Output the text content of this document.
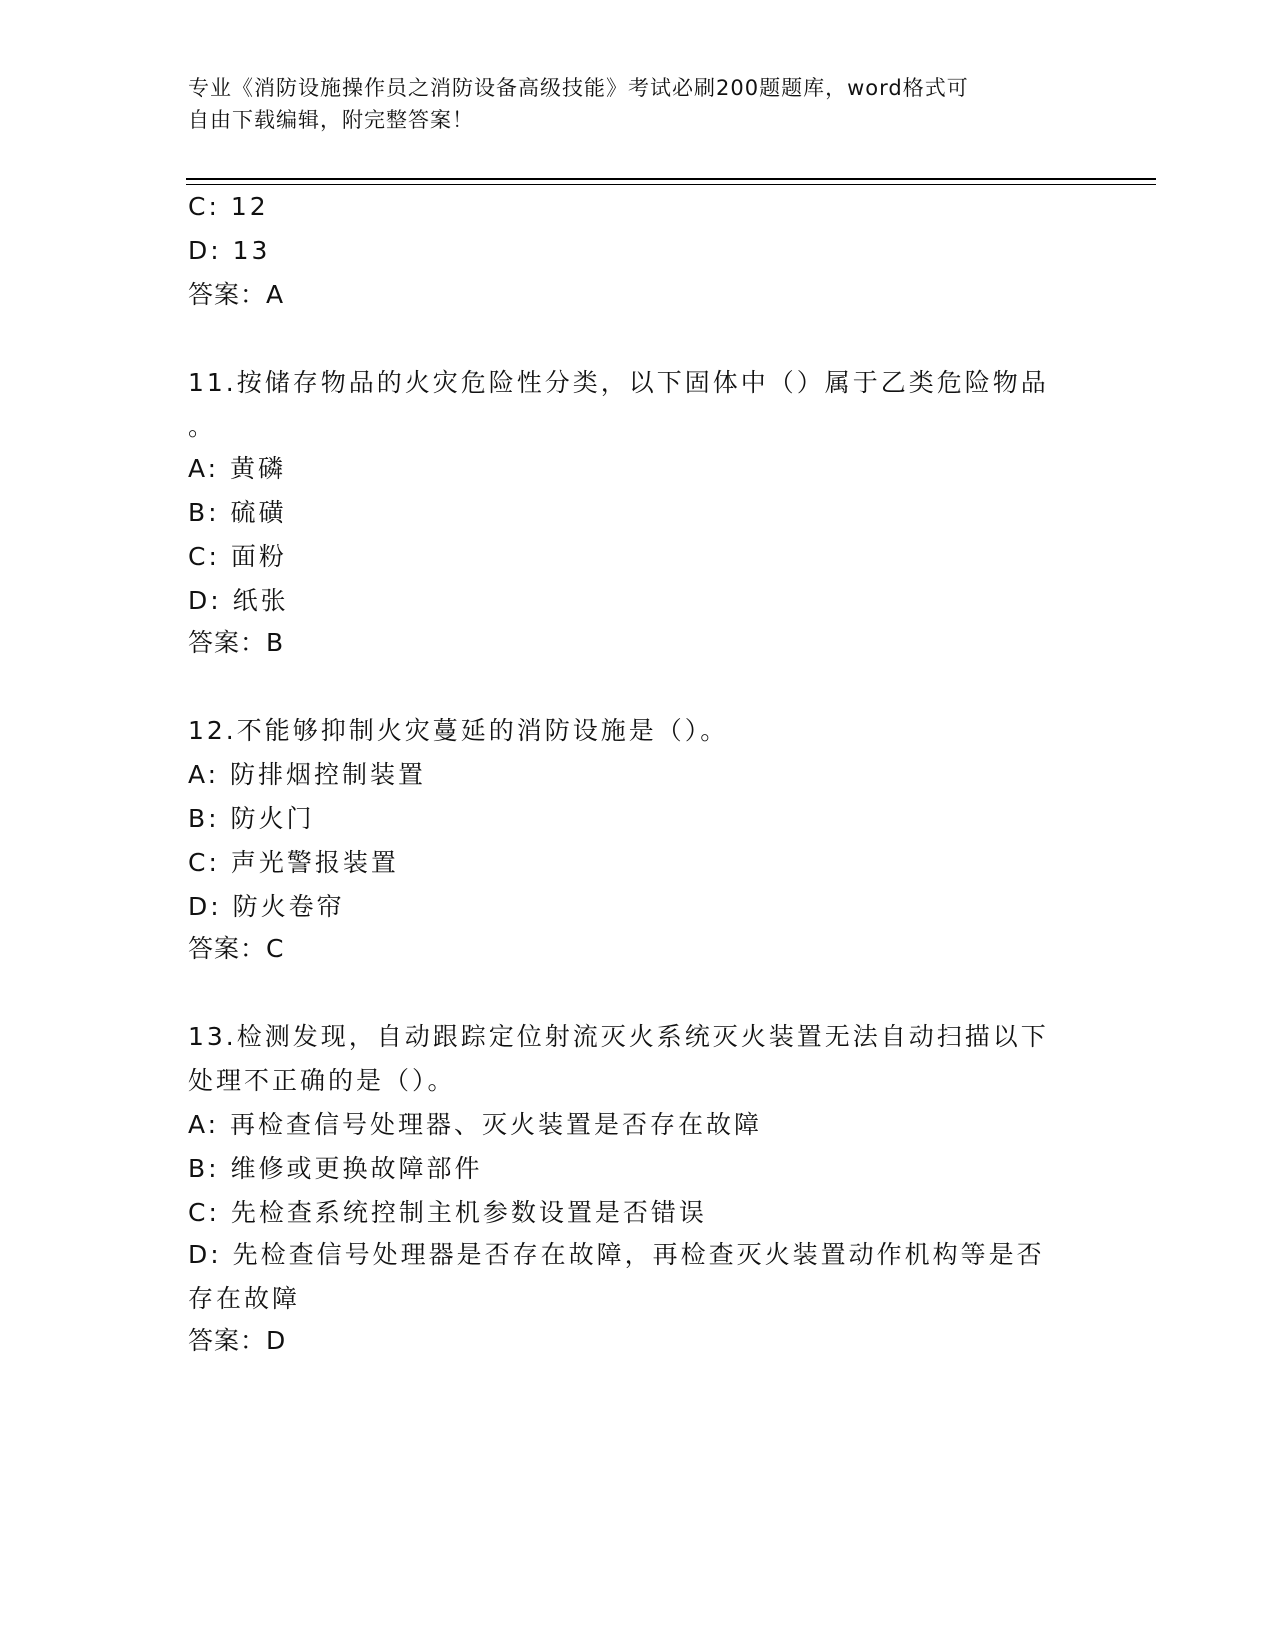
专业《消防设施操作员之消防设备高级技能》考试必刷200题题库，word格式可
自由下载编辑，附完整答案！
C: 12
D: 13
答案：A
11.按储存物品的火灾危险性分类，以下固体中（）属于乙类危险物品
。
A: 黄磷
B: 硫磺
C: 面粉
D: 纸张
答案：B
12.不能够抑制火灾蔓延的消防设施是（）。
A: 防排烟控制装置
B: 防火门
C: 声光警报装置
D: 防火卷帘
答案：C
13.检测发现，自动跟踪定位射流灭火系统灭火装置无法自动扫描以下
处理不正确的是（）。
A: 再检查信号处理器、灭火装置是否存在故障
B: 维修或更换故障部件
C: 先检查系统控制主机参数设置是否错误
D: 先检查信号处理器是否存在故障，再检查灭火装置动作机构等是否
存在故障
答案：D
